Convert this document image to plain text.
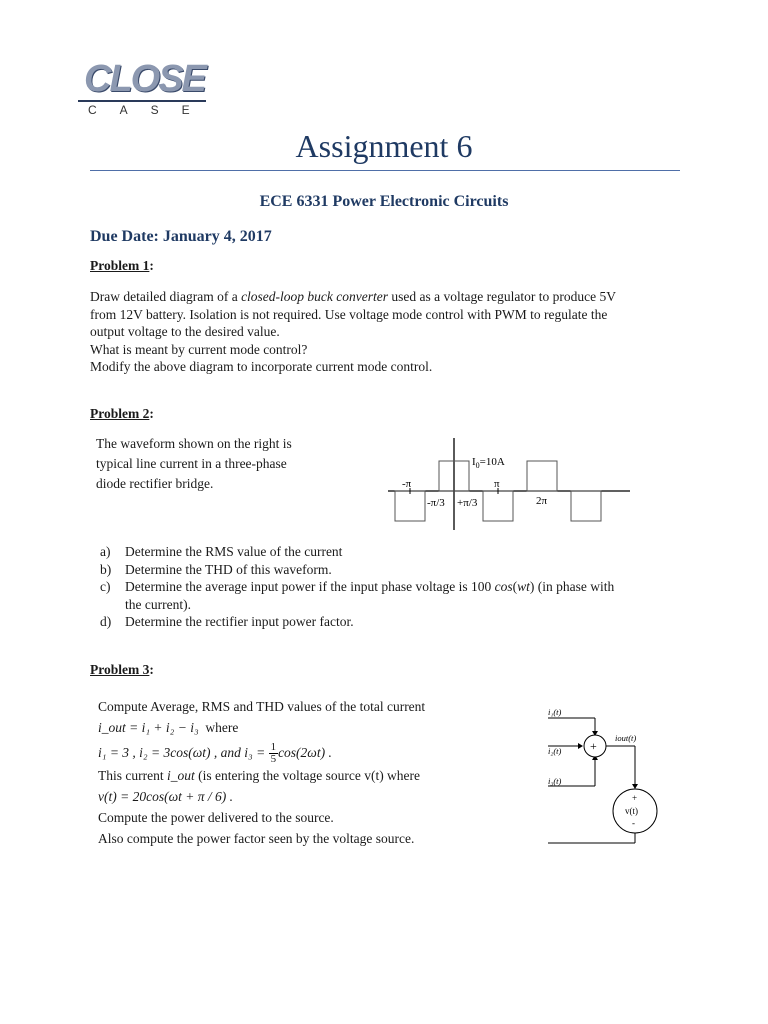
CLOSE
CASE
Assignment 6
ECE 6331 Power Electronic Circuits
Due Date: January 4, 2017
Problem 1:

Draw detailed diagram of a closed-loop buck converter used as a voltage regulator to produce 5V

from 12V battery. Isolation is not required. Use voltage mode control with PWM to regulate the

output voltage to the desired value.

What is meant by current mode control?

Modify the above diagram to incorporate current mode control.

Problem 2:
The waveform shown on the right is
typical line current in a three-phase
diode rectifier bridge.
$I_0=10A$
-π	π
-π/3 +π/3	2π
a)	Determine the RMS value of the current
b)	Determine the THD of this waveform.
c)	Determine the average input power if the input phase voltage is 100 cos(wt) (in phase with
the current).
d)	Determine the rectifier input power factor.
Problem 3:
Compute Average, RMS and THD values of the total current
i_out = i₁ + i₂ − i₃ where
i₁ = 3 , i₂ = 3cos(ωt) , and $i_3 = \frac{1}{5}\cos(2\omega t)$ .
This current i_out (is entering the voltage source v(t) where
v(t) = 20cos(ωt + π / 6) .
Compute the power delivered to the source.
Also compute the power factor seen by the voltage source.
+
+
v(t)
-
i₁(t)
i₂(t)
i₃(t)
iout(t)
